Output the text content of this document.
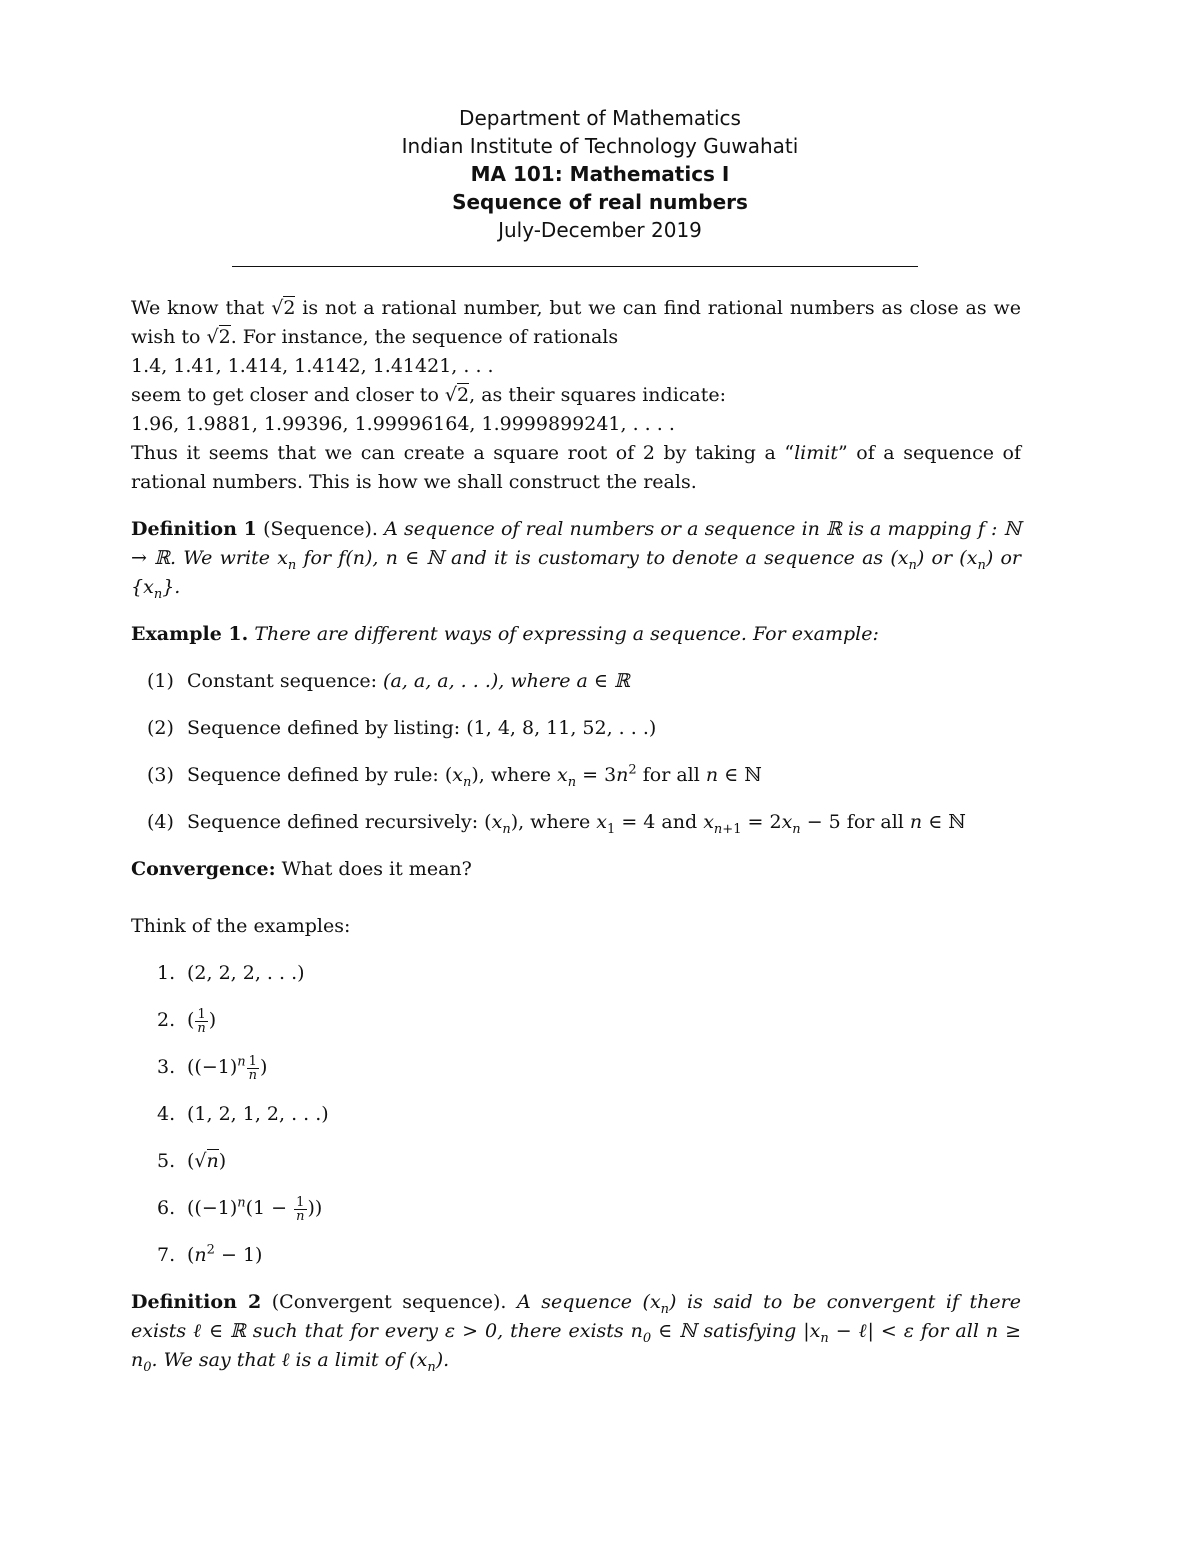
Department of Mathematics
Indian Institute of Technology Guwahati
MA 101: Mathematics I
Sequence of real numbers
July-December 2019

We know that √2 is not a rational number, but we can find rational numbers as close as we wish to √2. For instance, the sequence of rationals

1.4, 1.41, 1.414, 1.4142, 1.41421, . . .

seem to get closer and closer to √2, as their squares indicate:

1.96, 1.9881, 1.99396, 1.99996164, 1.9999899241, . . . .

Thus it seems that we can create a square root of 2 by taking a “limit” of a sequence of rational numbers. This is how we shall construct the reals.

Definition 1 (Sequence). A sequence of real numbers or a sequence in ℝ is a mapping f : ℕ → ℝ. We write $x_n$ for f(n), n ∈ ℕ and it is customary to denote a sequence as $(x_n)$ or $(x_n)$ or $\{x_n\}$.

Example 1. There are different ways of expressing a sequence. For example:

(1) Constant sequence: (a, a, a, . . .), where a ∈ ℝ
(2) Sequence defined by listing: (1, 4, 8, 11, 52, . . .)
(3) Sequence defined by rule: $(x_n)$, where $x_n = 3n^2$ for all n ∈ ℕ
(4) Sequence defined recursively: $(x_n)$, where $x_1 = 4$ and $x_{n+1} = 2x_n - 5$ for all n ∈ ℕ

Convergence: What does it mean?

Think of the examples:

1. (2, 2, 2, . . .)
2. ( $\frac{1}{n}$ )
3. ($(-1)^n \frac{1}{n}$ )
4. (1, 2, 1, 2, . . .)
5. (√n)
6. ($(-1)^n(1 - \frac{1}{n}$ ))
7. $(n^2 - 1)$

Definition 2 (Convergent sequence). A sequence $(x_n)$ is said to be convergent if there exists ℓ ∈ ℝ such that for every ε > 0, there exists $n_0$ ∈ ℕ satisfying $|x_n$ − ℓ| < ε for all $n \ge n_0$. We say that ℓ is a limit of $(x_n)$.
